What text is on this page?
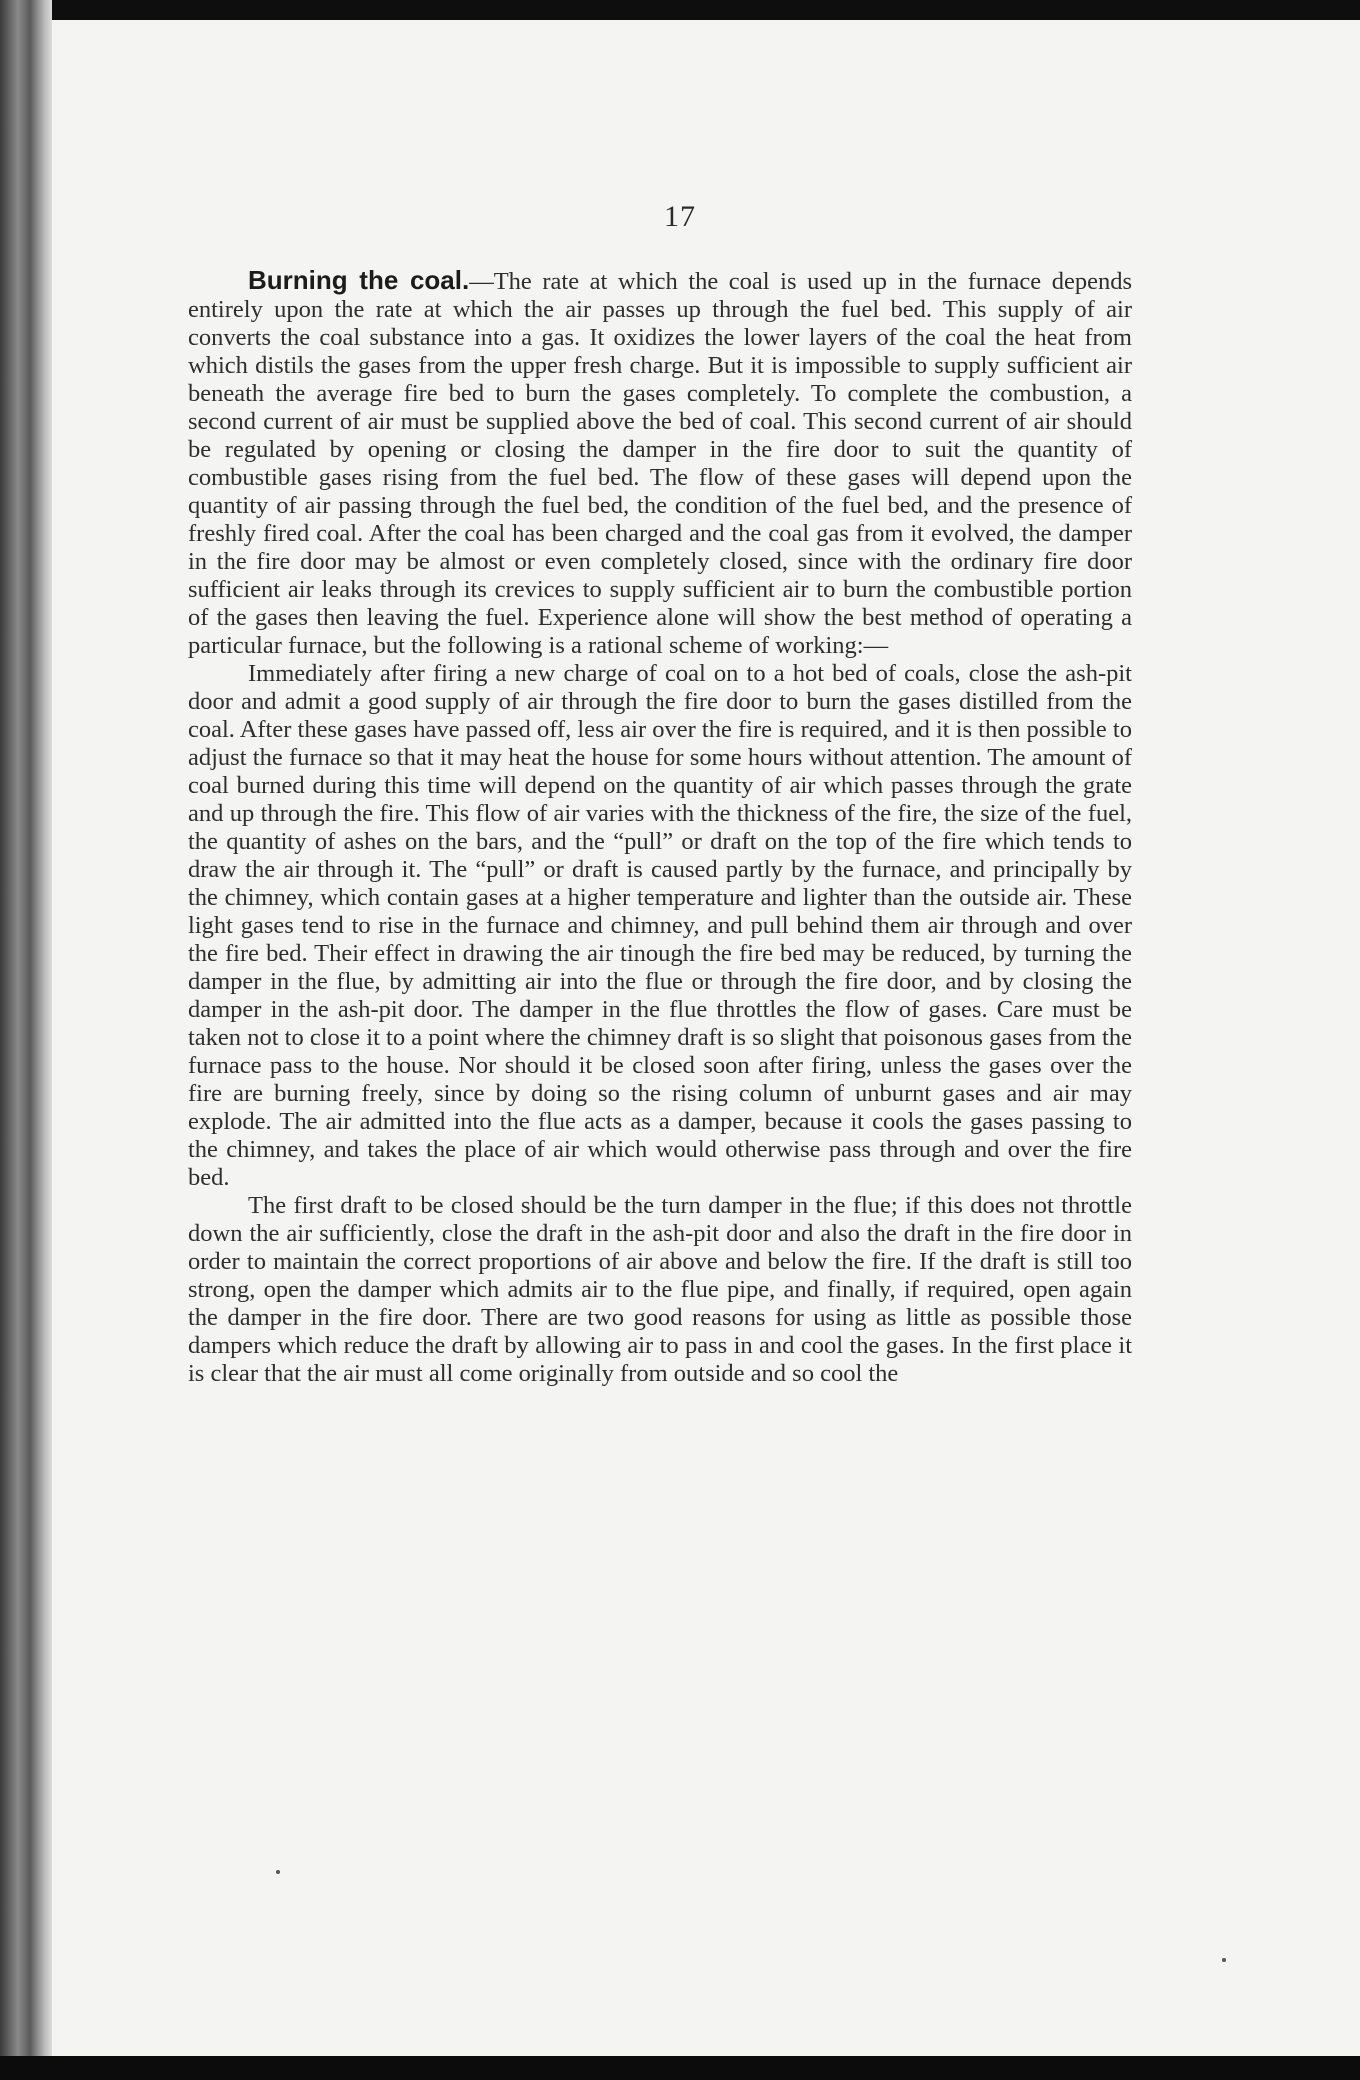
17

Burning the coal.—The rate at which the coal is used up in the furnace depends entirely upon the rate at which the air passes up through the fuel bed. This supply of air converts the coal substance into a gas. It oxidizes the lower layers of the coal the heat from which distils the gases from the upper fresh charge. But it is impossible to supply sufficient air beneath the average fire bed to burn the gases completely. To complete the combustion, a second current of air must be supplied above the bed of coal. This second current of air should be regulated by opening or closing the damper in the fire door to suit the quantity of combustible gases rising from the fuel bed. The flow of these gases will depend upon the quantity of air passing through the fuel bed, the condition of the fuel bed, and the presence of freshly fired coal. After the coal has been charged and the coal gas from it evolved, the damper in the fire door may be almost or even completely closed, since with the ordinary fire door sufficient air leaks through its crevices to supply sufficient air to burn the combustible portion of the gases then leaving the fuel. Experience alone will show the best method of operating a particular furnace, but the following is a rational scheme of working:—

Immediately after firing a new charge of coal on to a hot bed of coals, close the ash-pit door and admit a good supply of air through the fire door to burn the gases distilled from the coal. After these gases have passed off, less air over the fire is required, and it is then possible to adjust the furnace so that it may heat the house for some hours without attention. The amount of coal burned during this time will depend on the quantity of air which passes through the grate and up through the fire. This flow of air varies with the thickness of the fire, the size of the fuel, the quantity of ashes on the bars, and the “pull” or draft on the top of the fire which tends to draw the air through it. The “pull” or draft is caused partly by the furnace, and principally by the chimney, which contain gases at a higher temperature and lighter than the outside air. These light gases tend to rise in the furnace and chimney, and pull behind them air through and over the fire bed. Their effect in drawing the air tinough the fire bed may be reduced, by turning the damper in the flue, by admitting air into the flue or through the fire door, and by closing the damper in the ash-pit door. The damper in the flue throttles the flow of gases. Care must be taken not to close it to a point where the chimney draft is so slight that poisonous gases from the furnace pass to the house. Nor should it be closed soon after firing, unless the gases over the fire are burning freely, since by doing so the rising column of unburnt gases and air may explode. The air admitted into the flue acts as a damper, because it cools the gases passing to the chimney, and takes the place of air which would otherwise pass through and over the fire bed.

The first draft to be closed should be the turn damper in the flue; if this does not throttle down the air sufficiently, close the draft in the ash-pit door and also the draft in the fire door in order to maintain the correct proportions of air above and below the fire. If the draft is still too strong, open the damper which admits air to the flue pipe, and finally, if required, open again the damper in the fire door. There are two good reasons for using as little as possible those dampers which reduce the draft by allowing air to pass in and cool the gases. In the first place it is clear that the air must all come originally from outside and so cool the
